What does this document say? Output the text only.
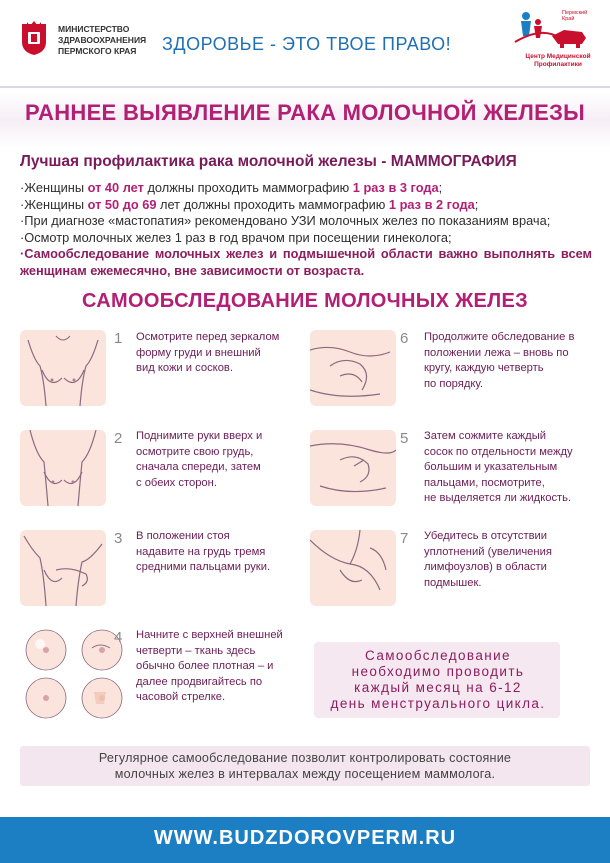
МИНИСТЕРСТВО
ЗДРАВООХРАНЕНИЯ
ПЕРМСКОГО КРАЯ	ЗДОРОВЬЕ - ЭТО ТВОЕ ПРАВО!
Пермский
Край
Центр Медицинской
Профилактики
РАННЕЕ ВЫЯВЛЕНИЕ РАКА МОЛОЧНОЙ ЖЕЛЕЗЫ
Лучшая профилактика рака молочной железы - МАММОГРАФИЯ
·Женщины от 40 лет должны проходить маммографию 1 раз в 3 года;
·Женщины от 50 до 69 лет должны проходить маммографию 1 раз в 2 года;
·При диагнозе «мастопатия» рекомендовано УЗИ молочных желез по показаниям врача;
·Осмотр молочных желез 1 раз в год врачом при посещении гинеколога;
·Самообследование молочных желез и подмышечной области важно выполнять всем женщинам ежемесячно, вне зависимости от возраста.
САМООБСЛЕДОВАНИЕ МОЛОЧНЫХ ЖЕЛЕЗ
1 Осмотрите перед зеркалом
форму груди и внешний
вид кожи и сосков.
2 Поднимите руки вверх и
осмотрите свою грудь,
сначала спереди, затем
с обеих сторон.
3 В положении стоя
надавите на грудь тремя
средними пальцами руки.
4 Начните с верхней внешней
четверти – ткань здесь
обычно более плотная – и
далее продвигайтесь по
часовой стрелке.
6 Продолжите обследование в
положении лежа – вновь по
кругу, каждую четверть
по порядку.
5 Затем сожмите каждый
сосок по отдельности между
большим и указательным
пальцами, посмотрите,
не выделяется ли жидкость.
7 Убедитесь в отсутствии
уплотнений (увеличения
лимфоузлов) в области
подмышек.
Самообследование
необходимо проводить
каждый месяц на 6-12
день менструального цикла.
Регулярное самообследование позволит контролировать состояние
молочных желез в интервалах между посещением маммолога.
WWW.BUDZDOROVPERM.RU
